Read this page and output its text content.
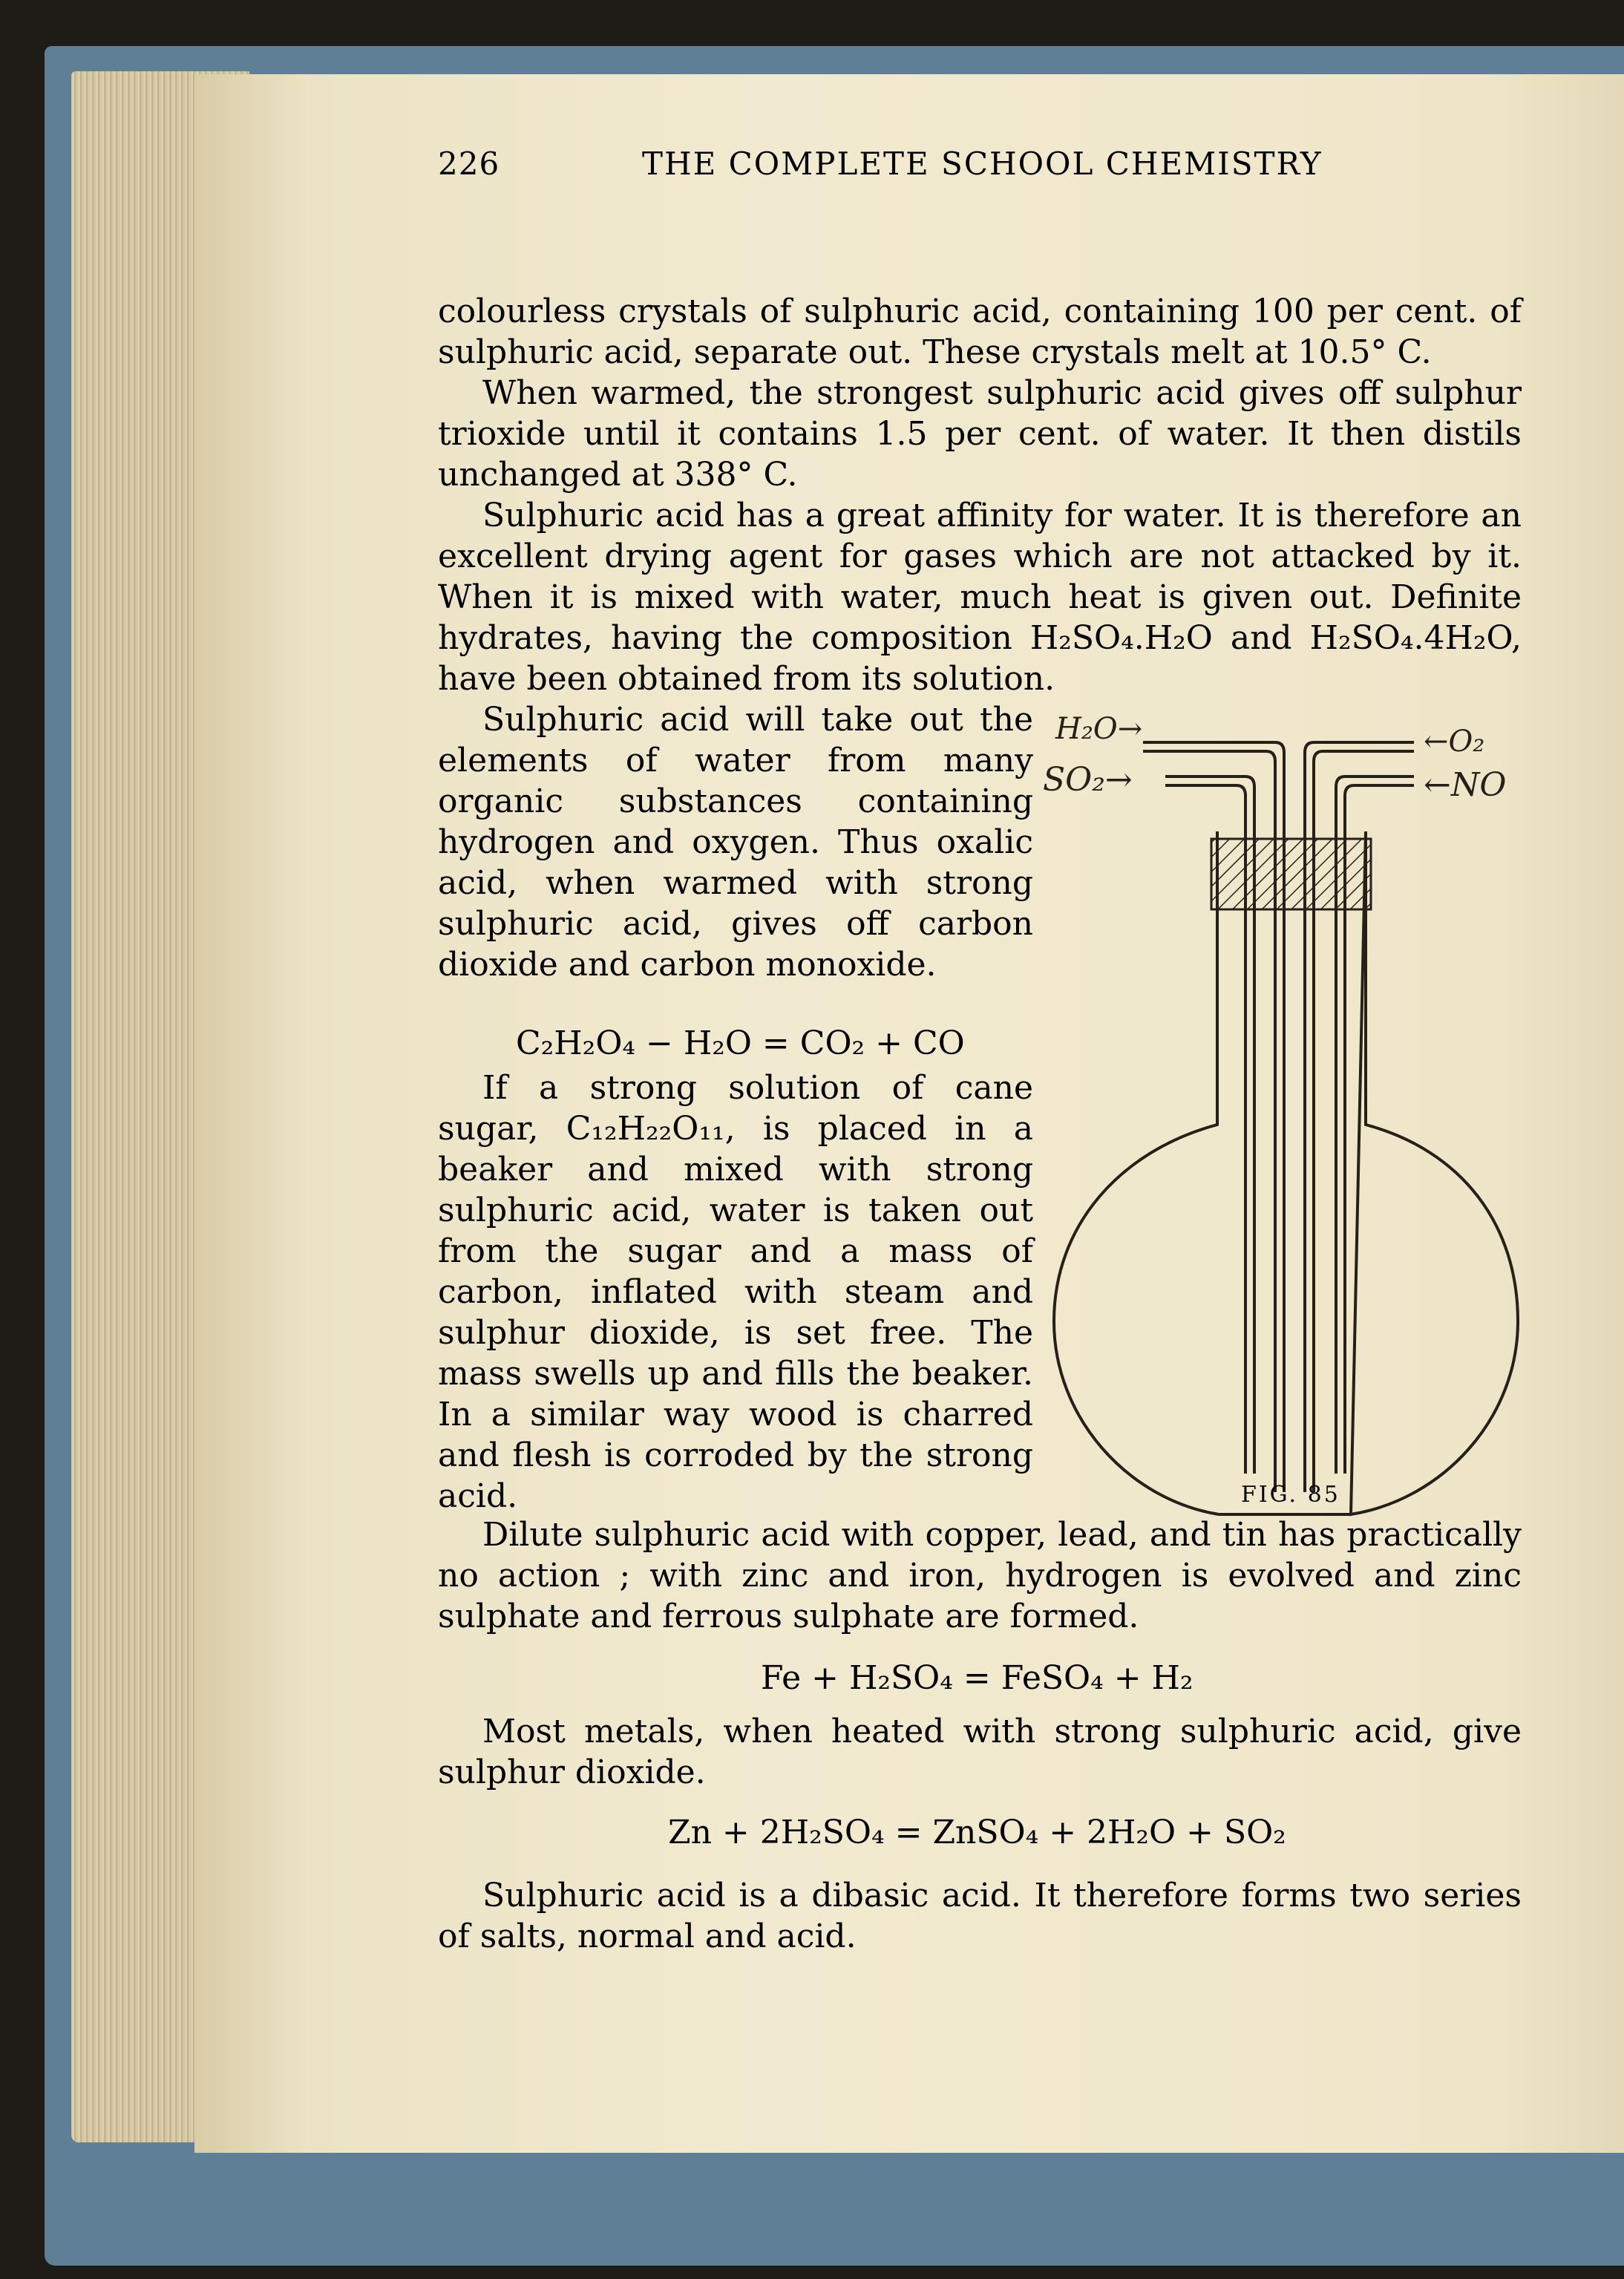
226	THE COMPLETE SCHOOL CHEMISTRY

colourless crystals of sulphuric acid, containing 100 per cent. of sulphuric acid, separate out. These crystals melt at 10.5° C.

When warmed, the strongest sulphuric acid gives off sulphur trioxide until it contains 1.5 per cent. of water. It then distils unchanged at 338° C.

Sulphuric acid has a great affinity for water. It is therefore an excellent drying agent for gases which are not attacked by it. When it is mixed with water, much heat is given out. Definite hydrates, having the composition H₂SO₄.H₂O and H₂SO₄.4H₂O, have been obtained from its solution.

Sulphuric acid will take out the elements of water from many organic substances containing hydrogen and oxygen. Thus oxalic acid, when warmed with strong sulphuric acid, gives off carbon dioxide and carbon monoxide.

C₂H₂O₄ − H₂O = CO₂ + CO

If a strong solution of cane sugar, C₁₂H₂₂O₁₁, is placed in a beaker and mixed with strong sulphuric acid, water is taken out from the sugar and a mass of carbon, inflated with steam and sulphur dioxide, is set free. The mass swells up and fills the beaker. In a similar way wood is charred and flesh is corroded by the strong acid.

H₂O→
SO₂→
←O₂
←NO
FIG. 85

Dilute sulphuric acid with copper, lead, and tin has practically no action ; with zinc and iron, hydrogen is evolved and zinc sulphate and ferrous sulphate are formed.

Fe + H₂SO₄ = FeSO₄ + H₂

Most metals, when heated with strong sulphuric acid, give sulphur dioxide.

Zn + 2H₂SO₄ = ZnSO₄ + 2H₂O + SO₂

Sulphuric acid is a dibasic acid. It therefore forms two series of salts, normal and acid.
